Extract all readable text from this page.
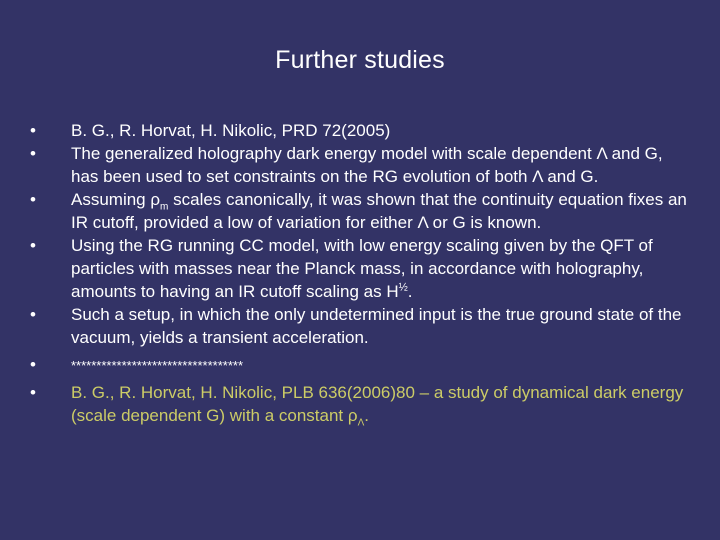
Further studies
•	B. G., R. Horvat, H. Nikolic, PRD 72(2005)
•	The generalized holography dark energy model with scale dependent Λ and G, has been used to set constraints on the RG evolution of both Λ and G.
•	Assuming $\rho_m$ scales canonically, it was shown that the continuity equation fixes an IR cutoff, provided a low of variation for either Λ or G is known.
•	Using the RG running CC model, with low energy scaling given by the QFT of particles with masses near the Planck mass, in accordance with holography, amounts to having an IR cutoff scaling as $H^{\frac{1}{2}}$.
•	Such a setup, in which the only undetermined input is the true ground state of the vacuum, yields a transient acceleration.
•	**********************************
•	B. G., R. Horvat, H. Nikolic, PLB 636(2006)80 – a study of dynamical dark energy (scale dependent G) with a constant $\rho_\Lambda$.
